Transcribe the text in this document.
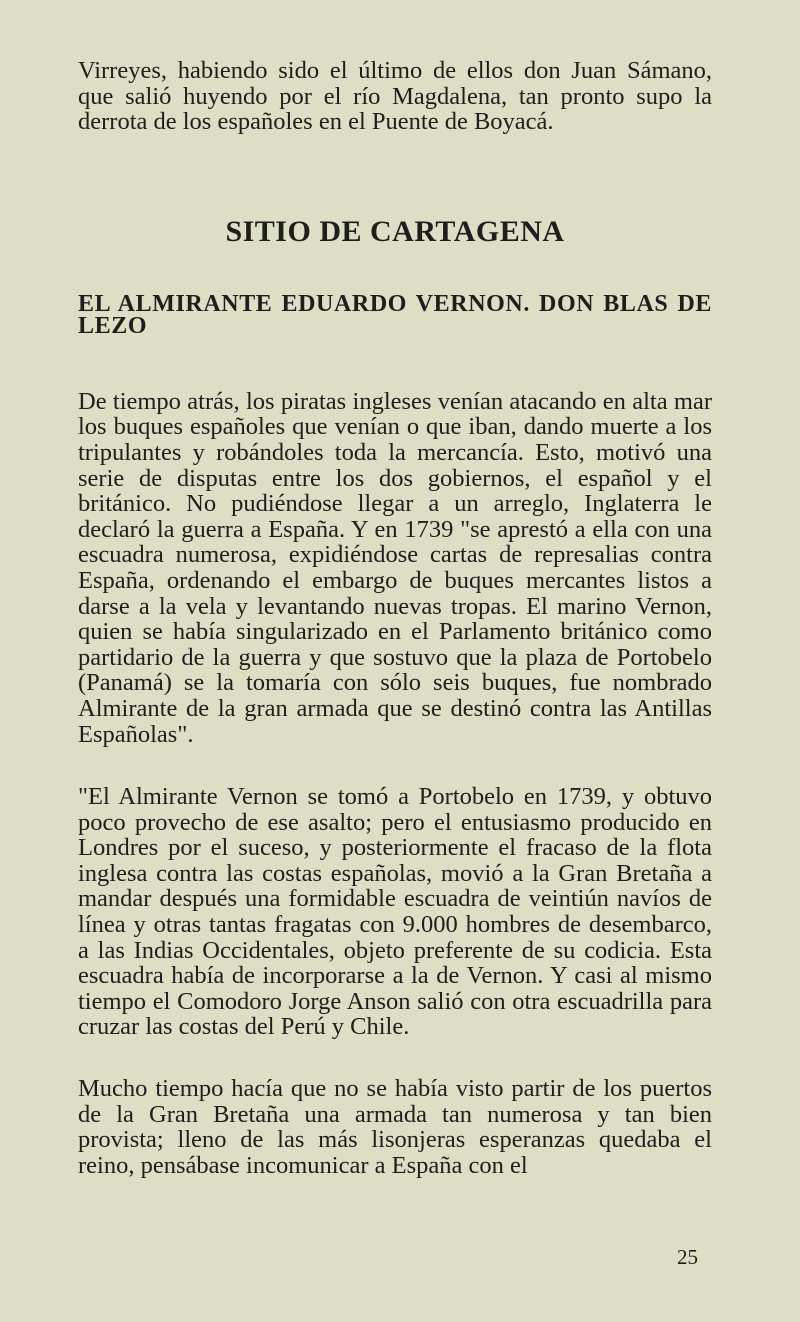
Virreyes, habiendo sido el último de ellos don Juan Sámano, que salió huyendo por el río Magdalena, tan pronto supo la derrota de los españoles en el Puente de Boyacá.

SITIO DE CARTAGENA
EL ALMIRANTE EDUARDO VERNON. DON BLAS DE LEZO

De tiempo atrás, los piratas ingleses venían atacando en alta mar los buques españoles que venían o que iban, dando muerte a los tripulantes y robándoles toda la mercancía. Esto, motivó una serie de disputas entre los dos gobiernos, el español y el británico. No pudiéndose llegar a un arreglo, Inglaterra le declaró la guerra a España. Y en 1739 "se aprestó a ella con una escuadra numerosa, expidiéndose cartas de represalias contra España, ordenando el embargo de buques mercantes listos a darse a la vela y levantando nuevas tropas. El marino Vernon, quien se había singularizado en el Parlamento británico como partidario de la guerra y que sostuvo que la plaza de Portobelo (Panamá) se la tomaría con sólo seis buques, fue nombrado Almirante de la gran armada que se destinó contra las Antillas Españolas".

"El Almirante Vernon se tomó a Portobelo en 1739, y obtuvo poco provecho de ese asalto; pero el entusiasmo producido en Londres por el suceso, y posteriormente el fracaso de la flota inglesa contra las costas españolas, movió a la Gran Bretaña a mandar después una formidable escuadra de veintiún navíos de línea y otras tantas fragatas con 9.000 hombres de desembarco, a las Indias Occidentales, objeto preferente de su codicia. Esta escuadra había de incorporarse a la de Vernon. Y casi al mismo tiempo el Comodoro Jorge Anson salió con otra escuadrilla para cruzar las costas del Perú y Chile.

Mucho tiempo hacía que no se había visto partir de los puertos de la Gran Bretaña una armada tan numerosa y tan bien provista; lleno de las más lisonjeras esperanzas quedaba el reino, pensábase incomunicar a España con el

25
